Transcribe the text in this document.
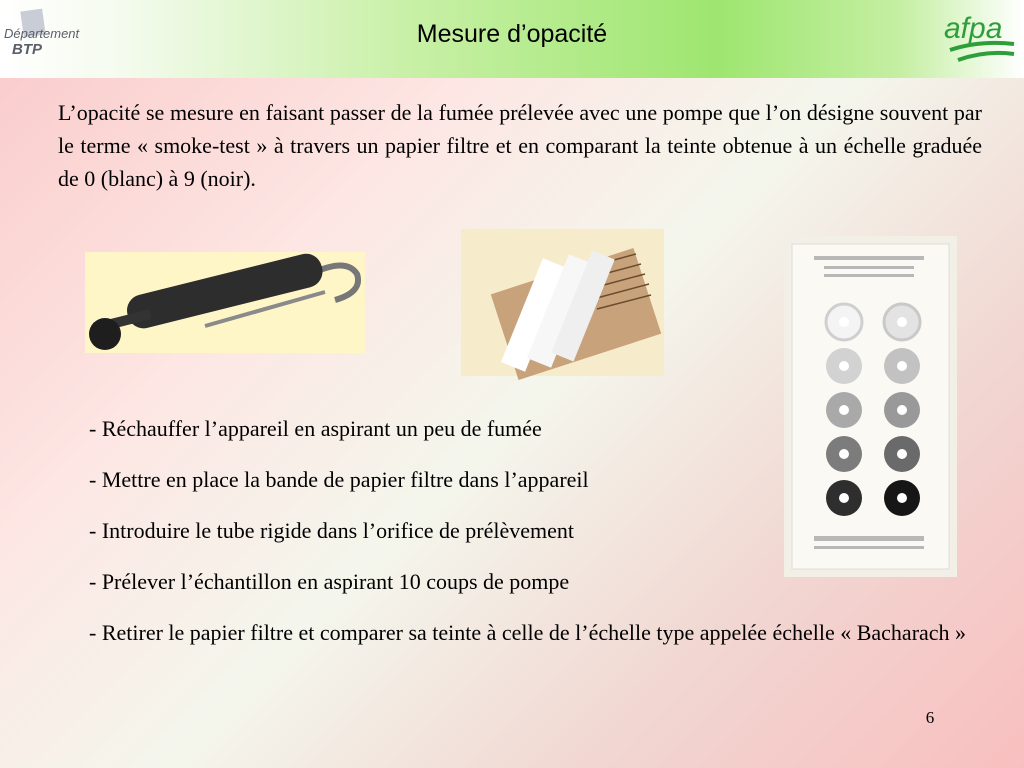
Département
BTP
Mesure d’opacité	afpa
L’opacité se mesure en faisant passer de la fumée prélevée avec une pompe que l’on désigne souvent par le terme « smoke-test » à travers un papier filtre et en comparant la teinte obtenue à un échelle graduée de 0 (blanc) à 9 (noir).
- Réchauffer l’appareil en aspirant un peu de fumée
- Mettre en place la bande de papier filtre dans l’appareil
- Introduire le tube rigide dans l’orifice de prélèvement
- Prélever l’échantillon en aspirant 10 coups de pompe
- Retirer le papier filtre et comparer sa teinte à celle de l’échelle type appelée échelle « Bacharach »
6
